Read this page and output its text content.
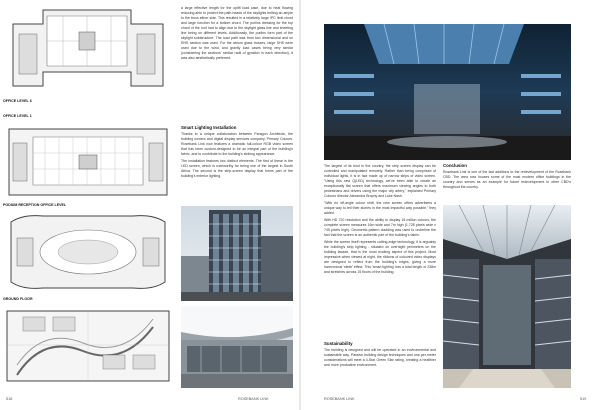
OFFICE LEVEL 6
PODIUM RECEPTION OFFICE LEVEL
GROUND FLOOR
OFFICE LEVEL 1

a large effective length for the uplift load case, due to heat flowing reducing able to protect the path-heads of the skylights belting an ample to the truss either side. This resulted in a relatively large IPC limit chord and large function for a bottom chord. The purlins dressing for the top chord of the roof had to align due to the skylight glass line and sheeting line being on different levels. Additionally, the purlins form part of the skylight substructure. The load path was from two dimensional and so RHS section was used. For the atrium glass trusses, large SHS were used due to the wind, and gravity load cases being very similar (considering the sections' similar radii of gyration in each direction), it was also aesthetically preferred.

Smart Lighting Installation

Thanks to a unique collaboration between Paragon Architects, the building owners and digital display services company, Primary Colours, Rosebank Link now features a dramatic full-colour RGB video screen that has been custom-designed to be an integral part of the building's fabric, and to contribute to the building's striking appearance.

The installation features two distinct elements. The first of these is the LED screen, which is noteworthy for being one of the largest in South Africa. The second is the strip-screen display that forms part of the building's exterior lighting.

518	ROSEBANK LINK

The largest of its kind in the country, the strip screen display can be controlled and manipulated remotely. Rather than being comprised of individual lights, it is in fact made up of narrow strips of video screen. "Using this new Q(LED) technology, we've been able to create an exceptionally flat screen that offers maximum viewing angles to both pedestrians and drivers using the major city artery," explained Primary Colours director Alexandra Brophy and Luke Nash.

"With no off-angle colour shift, the new screen offers advertisers a unique way to tell their stories in the most impactful way possible," they added.

With HD 720 resolution and the ability to display 16 million colours, the complete screen measures 16m wide and 7m high (1,728 pixels wide x 745 pixels high). Geometric-pattern cladding was used to underline the fact that the screen is an authentic part of the building's fabric.

While the screen itself represents cutting-edge technology, it is arguably the building's strip lighting - situated on overnight perimeters on the building facade, that is the most exciting aspect of this project. Most impressive when viewed at night, the ribbons of coloured video displays are designed to reflect from the building's edges, giving a more harmonious 'sleek' effect. This 'smart lighting' has a total length of 238m and stretches across 15 floors of the building.

Sustainability

The building is designed and will be operated in an environmental and sustainable way. Passive building design techniques and one-per-meter considerations will meet a 4-Star Green Star rating, creating a healthier and more productive environment.

Conclusion

Rosebank Link is one of the last additions to the redevelopment of the Rosebank CBD. The area now houses some of the most modern office buildings in the country and serves as an example for future redevelopment in other CBD's throughout the country.

ROSEBANK LINK	519
